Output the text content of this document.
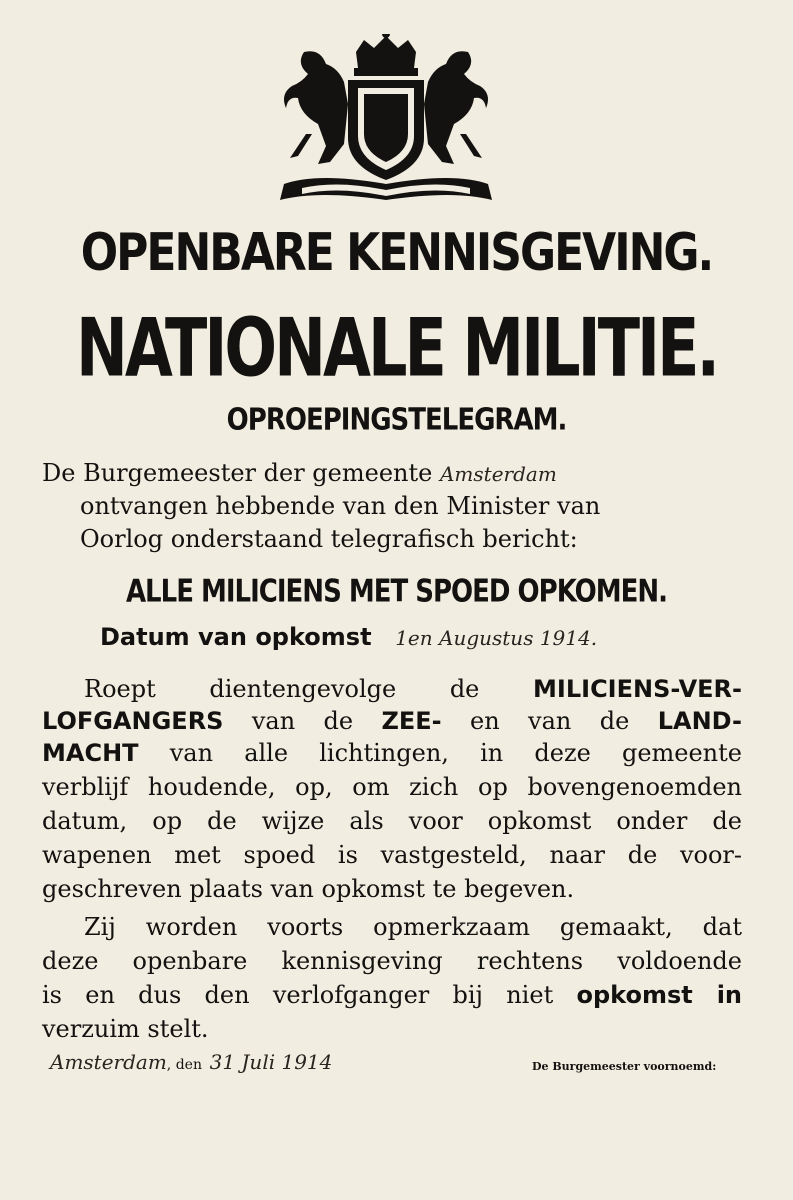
OPENBARE KENNISGEVING.
NATIONALE MILITIE.
OPROEPINGSTELEGRAM.
De Burgemeester der gemeente Amsterdam
ontvangen hebbende van den Minister van
Oorlog onderstaand telegrafisch bericht:
ALLE MILICIENS MET SPOED OPKOMEN.
Datum van opkomst 1en Augustus 1914.
Roept dientengevolge de MILICIENS-VER-
LOFGANGERS van de ZEE- en van de LAND-
MACHT van alle lichtingen, in deze gemeente
verblijf houdende, op, om zich op bovengenoemden
datum, op de wijze als voor opkomst onder de
wapenen met spoed is vastgesteld, naar de voor-
geschreven plaats van opkomst te begeven.
Zij worden voorts opmerkzaam gemaakt, dat
deze openbare kennisgeving rechtens voldoende
is en dus den verlofganger bij niet opkomst in
verzuim stelt.
Amsterdam, den 31 Juli 1914	De Burgemeester voornoemd:
